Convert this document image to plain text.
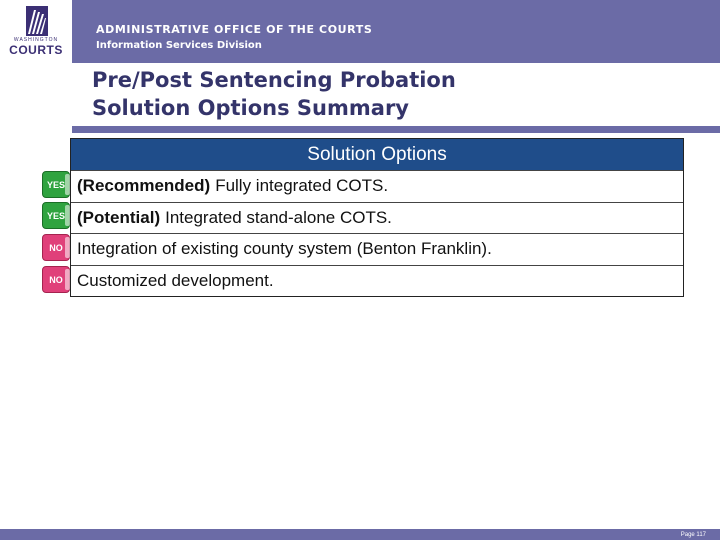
WASHINGTON
COURTS
ADMINISTRATIVE OFFICE OF THE COURTS
Information Services Division
Pre/Post Sentencing Probation
Solution Options Summary
Solution Options
(Recommended) Fully integrated COTS.
(Potential) Integrated stand-alone COTS.
Integration of existing county system (Benton Franklin).
Customized development.
YES
YES
NO
NO
Page 117
